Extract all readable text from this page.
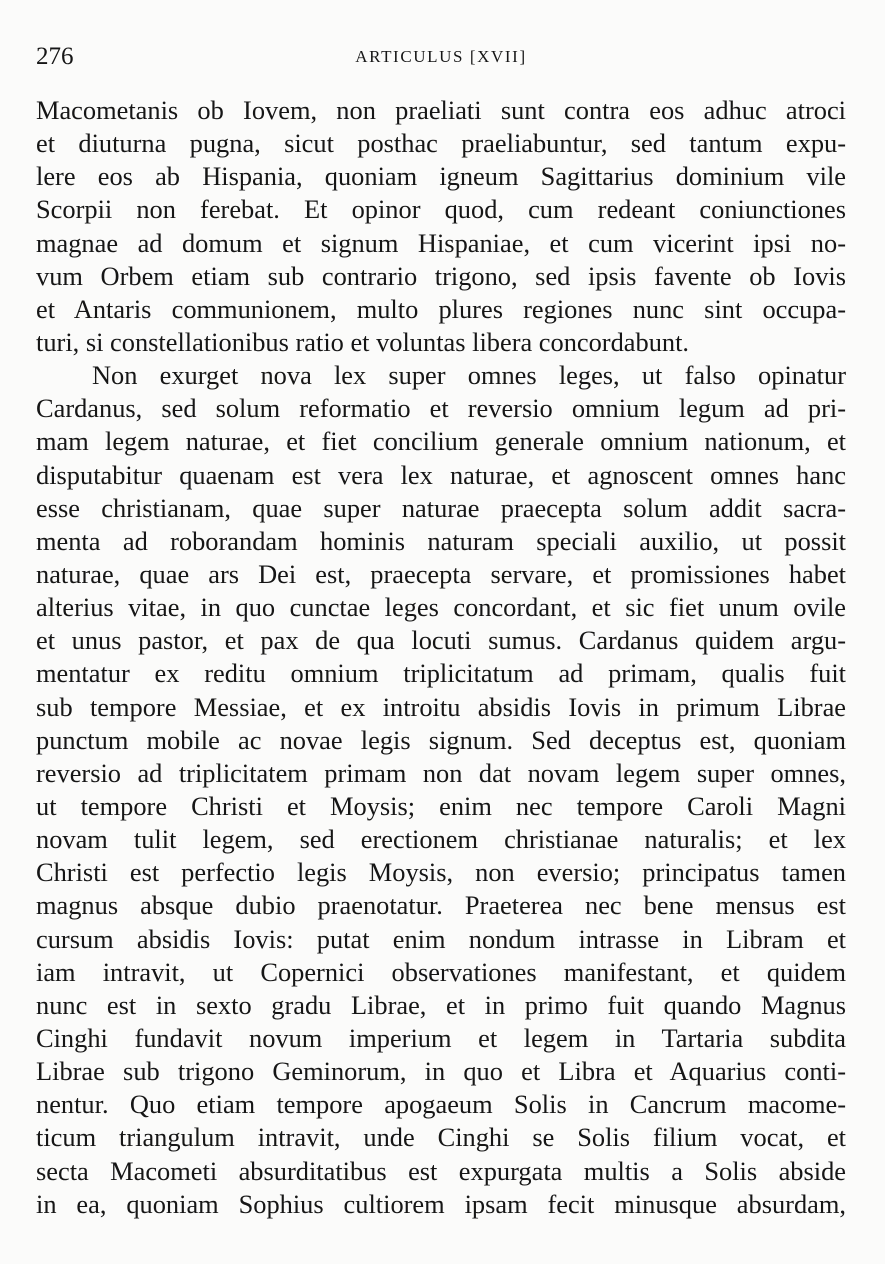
276	ARTICULUS [XVII]
Macometanis ob Iovem, non praeliati sunt contra eos adhuc atroci
et diuturna pugna, sicut posthac praeliabuntur, sed tantum expu-
lere eos ab Hispania, quoniam igneum Sagittarius dominium vile
Scorpii non ferebat. Et opinor quod, cum redeant coniunctiones
magnae ad domum et signum Hispaniae, et cum vicerint ipsi no-
vum Orbem etiam sub contrario trigono, sed ipsis favente ob Iovis
et Antaris communionem, multo plures regiones nunc sint occupa-
turi, si constellationibus ratio et voluntas libera concordabunt.
Non exurget nova lex super omnes leges, ut falso opinatur
Cardanus, sed solum reformatio et reversio omnium legum ad pri-
mam legem naturae, et fiet concilium generale omnium nationum, et
disputabitur quaenam est vera lex naturae, et agnoscent omnes hanc
esse christianam, quae super naturae praecepta solum addit sacra-
menta ad roborandam hominis naturam speciali auxilio, ut possit
naturae, quae ars Dei est, praecepta servare, et promissiones habet
alterius vitae, in quo cunctae leges concordant, et sic fiet unum ovile
et unus pastor, et pax de qua locuti sumus. Cardanus quidem argu-
mentatur ex reditu omnium triplicitatum ad primam, qualis fuit
sub tempore Messiae, et ex introitu absidis Iovis in primum Librae
punctum mobile ac novae legis signum. Sed deceptus est, quoniam
reversio ad triplicitatem primam non dat novam legem super omnes,
ut tempore Christi et Moysis; enim nec tempore Caroli Magni
novam tulit legem, sed erectionem christianae naturalis; et lex
Christi est perfectio legis Moysis, non eversio; principatus tamen
magnus absque dubio praenotatur. Praeterea nec bene mensus est
cursum absidis Iovis: putat enim nondum intrasse in Libram et
iam intravit, ut Copernici observationes manifestant, et quidem
nunc est in sexto gradu Librae, et in primo fuit quando Magnus
Cinghi fundavit novum imperium et legem in Tartaria subdita
Librae sub trigono Geminorum, in quo et Libra et Aquarius conti-
nentur. Quo etiam tempore apogaeum Solis in Cancrum macome-
ticum triangulum intravit, unde Cinghi se Solis filium vocat, et
secta Macometi absurditatibus est expurgata multis a Solis abside
in ea, quoniam Sophius cultiorem ipsam fecit minusque absurdam,
